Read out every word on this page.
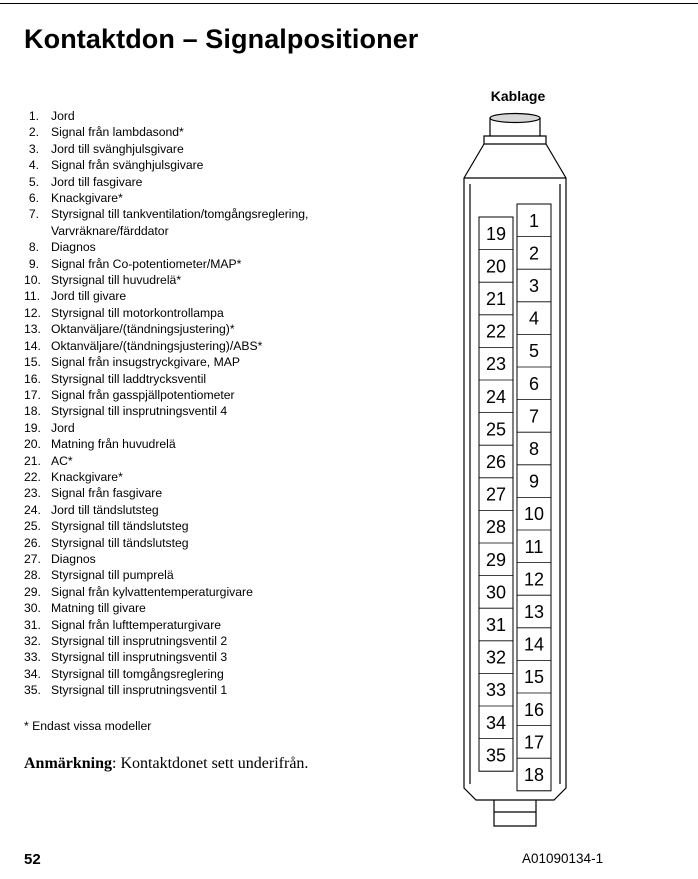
Kontaktdon – Signalpositioner
1. Jord
2. Signal från lambdasond*
3. Jord till svänghjulsgivare
4. Signal från svänghjulsgivare
5. Jord till fasgivare
6. Knackgivare*
7. Styrsignal till tankventilation/tomgångsreglering,
Varvräknare/färddator
8. Diagnos
9. Signal från Co-potentiometer/MAP*
10. Styrsignal till huvudrelä*
11. Jord till givare
12. Styrsignal till motorkontrollampa
13. Oktanväljare/(tändningsjustering)*
14. Oktanväljare/(tändningsjustering)/ABS*
15. Signal från insugstryckgivare, MAP
16. Styrsignal till laddtrycksventil
17. Signal från gasspjällpotentiometer
18. Styrsignal till insprutningsventil 4
19. Jord
20. Matning från huvudrelä
21. AC*
22. Knackgivare*
23. Signal från fasgivare
24. Jord till tändslutsteg
25. Styrsignal till tändslutsteg
26. Styrsignal till tändslutsteg
27. Diagnos
28. Styrsignal till pumprelä
29. Signal från kylvattentemperaturgivare
30. Matning till givare
31. Signal från lufttemperaturgivare
32. Styrsignal till insprutningsventil 2
33. Styrsignal till insprutningsventil 3
34. Styrsignal till tomgångsreglering
35. Styrsignal till insprutningsventil 1
* Endast vissa modeller
Anmärkning: Kontaktdonet sett underifrån.
52	A01090134-1
Kablage
19
20
21
22
23
24
25
26
27
28
29
30
31
32
33
34
35
1
2
3
4
5
6
7
8
9
10
11
12
13
14
15
16
17
18
